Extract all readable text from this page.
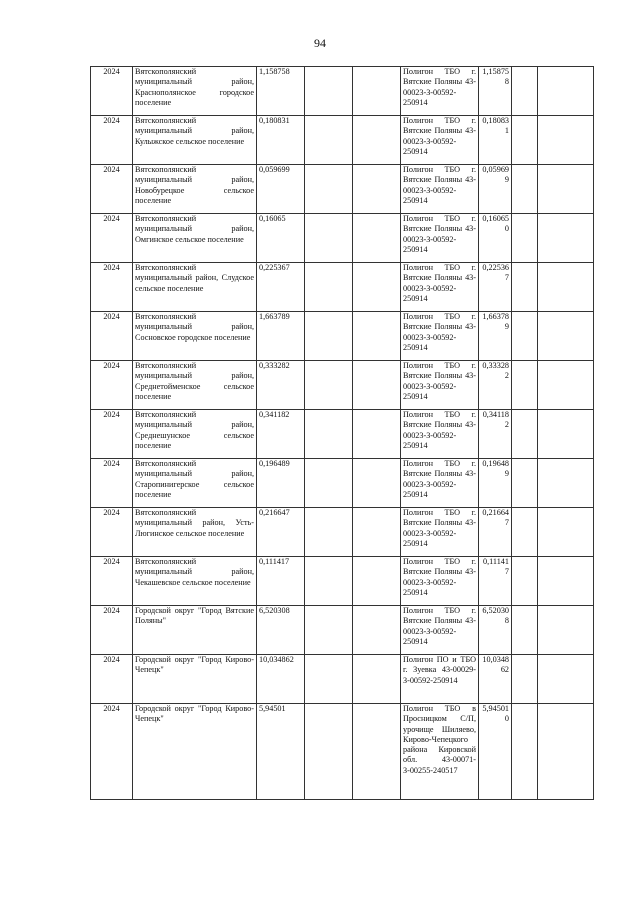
94
2024	Вятскополянский муниципальный район, Краснополянское городское поселение	1,158758			Полигон ТБО г. Вятские Поляны 43-00023-З-00592-250914	1,158758		
2024	Вятскополянский муниципальный район, Кулыжское сельское поселение	0,180831			Полигон ТБО г. Вятские Поляны 43-00023-З-00592-250914	0,180831		
2024	Вятскополянский муниципальный район, Новобурецкое сельское поселение	0,059699			Полигон ТБО г. Вятские Поляны 43-00023-З-00592-250914	0,059699		
2024	Вятскополянский муниципальный район, Омгинское сельское поселение	0,16065			Полигон ТБО г. Вятские Поляны 43-00023-З-00592-250914	0,160650		
2024	Вятскополянский муниципальный район, Слудское сельское поселение	0,225367			Полигон ТБО г. Вятские Поляны 43-00023-З-00592-250914	0,225367		
2024	Вятскополянский муниципальный район, Сосновское городское поселение	1,663789			Полигон ТБО г. Вятские Поляны 43-00023-З-00592-250914	1,663789		
2024	Вятскополянский муниципальный район, Среднетойменское сельское поселение	0,333282			Полигон ТБО г. Вятские Поляны 43-00023-З-00592-250914	0,333282		
2024	Вятскополянский муниципальный район, Среднешунское сельское поселение	0,341182			Полигон ТБО г. Вятские Поляны 43-00023-З-00592-250914	0,341182		
2024	Вятскополянский муниципальный район, Старопинигерское сельское поселение	0,196489			Полигон ТБО г. Вятские Поляны 43-00023-З-00592-250914	0,196489		
2024	Вятскополянский муниципальный район, Усть-Люгинское сельское поселение	0,216647			Полигон ТБО г. Вятские Поляны 43-00023-З-00592-250914	0,216647		
2024	Вятскополянский муниципальный район, Чекашевское сельское поселение	0,111417			Полигон ТБО г. Вятские Поляны 43-00023-З-00592-250914	0,111417		
2024	Городской округ "Город Вятские Поляны"	6,520308			Полигон ТБО г. Вятские Поляны 43-00023-З-00592-250914	6,520308		
2024	Городской округ "Город Кирово-Чепецк"	10,034862			Полигон ПО и ТБО г. Зуевка 43-00029-З-00592-250914	10,034862		
2024	Городской округ "Город Кирово-Чепецк"	5,94501			Полигон ТБО в Просницком С/П, урочище Шиляево, Кирово-Чепецкого района Кировской обл. 43-00071-З-00255-240517	5,945010		
